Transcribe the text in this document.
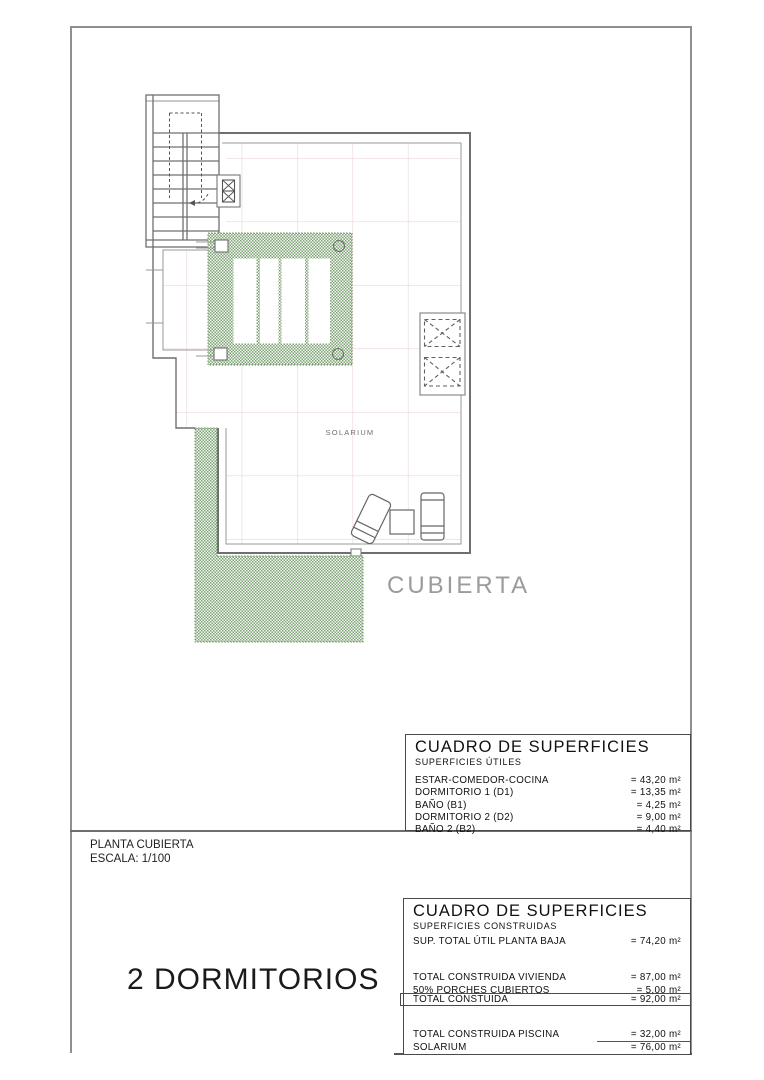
SOLARIUM
CUBIERTA
CUADRO DE SUPERFICIES
SUPERFICIES ÚTILES
ESTAR-COMEDOR-COCINA	= 43,20 m²
DORMITORIO 1 (D1)	= 13,35 m²
BAÑO (B1)	= 4,25 m²
DORMITORIO 2 (D2)	= 9,00 m²
BAÑO 2 (B2)	= 4,40 m²
PLANTA CUBIERTA
ESCALA: 1/100
2 DORMITORIOS
CUADRO DE SUPERFICIES
SUPERFICIES CONSTRUIDAS
SUP. TOTAL ÚTIL PLANTA BAJA	= 74,20 m²
TOTAL CONSTRUIDA VIVIENDA	= 87,00 m²
50% PORCHES CUBIERTOS	= 5,00 m²
TOTAL CONSTUIDA	= 92,00 m²
TOTAL CONSTRUIDA PISCINA	= 32,00 m²
SOLARIUM	= 76,00 m²
